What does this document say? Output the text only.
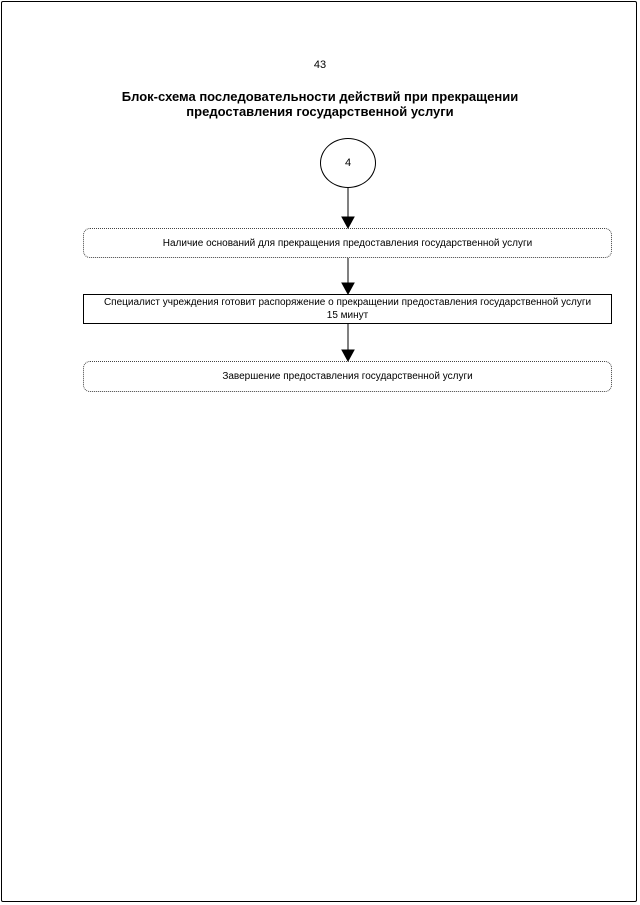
43
Блок-схема последовательности действий при прекращении
предоставления государственной услуги
4
Наличие оснований для прекращения предоставления государственной услуги
Специалист учреждения готовит распоряжение о прекращении предоставления государственной услуги
15 минут
Завершение предоставления государственной услуги
